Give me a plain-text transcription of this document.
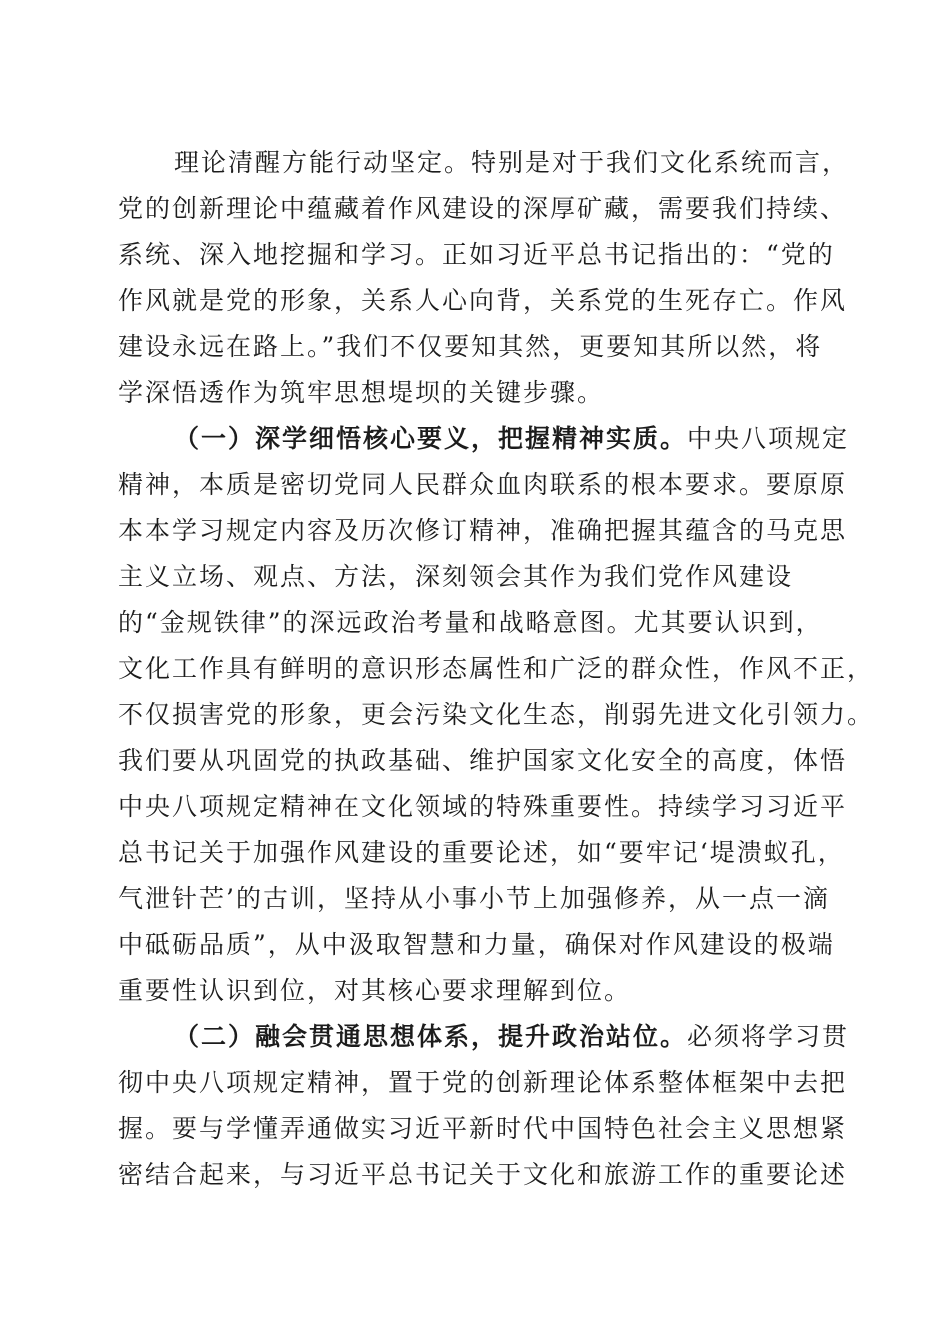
理论清醒方能行动坚定。特别是对于我们文化系统而言，
党的创新理论中蕴藏着作风建设的深厚矿藏，需要我们持续、
系统、深入地挖掘和学习。正如习近平总书记指出的：“党的
作风就是党的形象，关系人心向背，关系党的生死存亡。作风
建设永远在路上。”我们不仅要知其然，更要知其所以然，将
学深悟透作为筑牢思想堤坝的关键步骤。
（一）深学细悟核心要义，把握精神实质。中央八项规定
精神，本质是密切党同人民群众血肉联系的根本要求。要原原
本本学习规定内容及历次修订精神，准确把握其蕴含的马克思
主义立场、观点、方法，深刻领会其作为我们党作风建设
的“金规铁律”的深远政治考量和战略意图。尤其要认识到，
文化工作具有鲜明的意识形态属性和广泛的群众性，作风不正，
不仅损害党的形象，更会污染文化生态，削弱先进文化引领力。
我们要从巩固党的执政基础、维护国家文化安全的高度，体悟
中央八项规定精神在文化领域的特殊重要性。持续学习习近平
总书记关于加强作风建设的重要论述，如“要牢记‘堤溃蚁孔，
气泄针芒’的古训，坚持从小事小节上加强修养，从一点一滴
中砥砺品质”，从中汲取智慧和力量，确保对作风建设的极端
重要性认识到位，对其核心要求理解到位。
（二）融会贯通思想体系，提升政治站位。必须将学习贯
彻中央八项规定精神，置于党的创新理论体系整体框架中去把
握。要与学懂弄通做实习近平新时代中国特色社会主义思想紧
密结合起来，与习近平总书记关于文化和旅游工作的重要论述
